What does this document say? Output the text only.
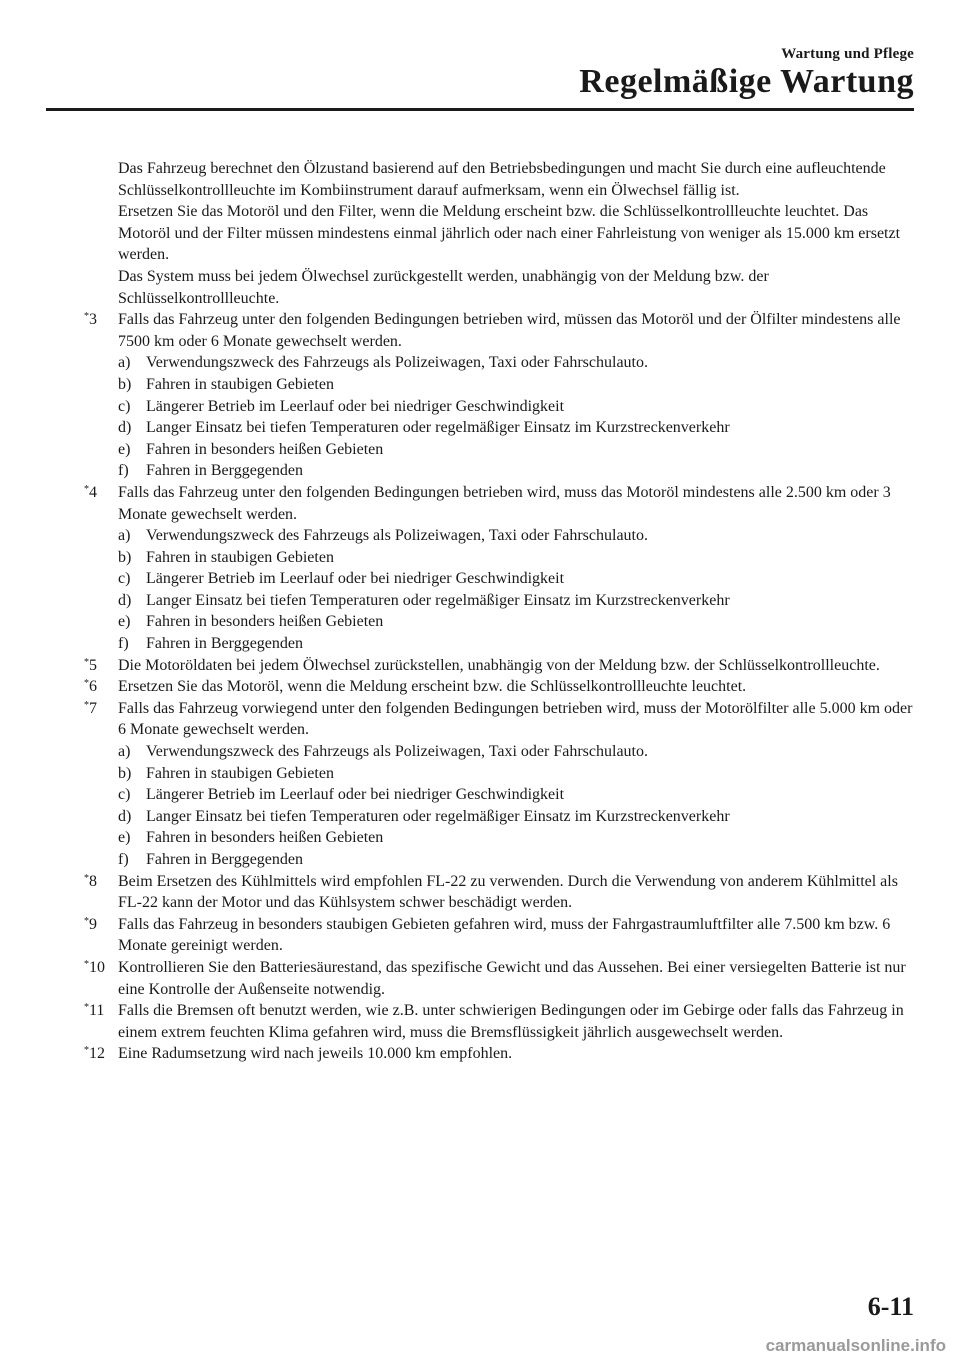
Wartung und Pflege
Regelmäßige Wartung

Das Fahrzeug berechnet den Ölzustand basierend auf den Betriebsbedingungen und macht Sie durch eine aufleuchtende Schlüsselkontrollleuchte im Kombiinstrument darauf aufmerksam, wenn ein Ölwechsel fällig ist.

Ersetzen Sie das Motoröl und den Filter, wenn die Meldung erscheint bzw. die Schlüsselkontrollleuchte leuchtet. Das Motoröl und der Filter müssen mindestens einmal jährlich oder nach einer Fahrleistung von weniger als 15.000 km ersetzt werden.

Das System muss bei jedem Ölwechsel zurückgestellt werden, unabhängig von der Meldung bzw. der Schlüsselkontrollleuchte.

*3 Falls das Fahrzeug unter den folgenden Bedingungen betrieben wird, müssen das Motoröl und der Ölfilter mindestens alle 7500 km oder 6 Monate gewechselt werden.

a) Verwendungszweck des Fahrzeugs als Polizeiwagen, Taxi oder Fahrschulauto.
b) Fahren in staubigen Gebieten
c) Längerer Betrieb im Leerlauf oder bei niedriger Geschwindigkeit
d) Langer Einsatz bei tiefen Temperaturen oder regelmäßiger Einsatz im Kurzstreckenverkehr
e) Fahren in besonders heißen Gebieten
f) Fahren in Berggegenden
*4 Falls das Fahrzeug unter den folgenden Bedingungen betrieben wird, muss das Motoröl mindestens alle 2.500 km oder 3 Monate gewechselt werden.

a) Verwendungszweck des Fahrzeugs als Polizeiwagen, Taxi oder Fahrschulauto.
b) Fahren in staubigen Gebieten
c) Längerer Betrieb im Leerlauf oder bei niedriger Geschwindigkeit
d) Langer Einsatz bei tiefen Temperaturen oder regelmäßiger Einsatz im Kurzstreckenverkehr
e) Fahren in besonders heißen Gebieten
f) Fahren in Berggegenden
*5 Die Motoröldaten bei jedem Ölwechsel zurückstellen, unabhängig von der Meldung bzw. der Schlüsselkontrollleuchte.

*6 Ersetzen Sie das Motoröl, wenn die Meldung erscheint bzw. die Schlüsselkontrollleuchte leuchtet.

*7 Falls das Fahrzeug vorwiegend unter den folgenden Bedingungen betrieben wird, muss der Motorölfilter alle 5.000 km oder 6 Monate gewechselt werden.

a) Verwendungszweck des Fahrzeugs als Polizeiwagen, Taxi oder Fahrschulauto.
b) Fahren in staubigen Gebieten
c) Längerer Betrieb im Leerlauf oder bei niedriger Geschwindigkeit
d) Langer Einsatz bei tiefen Temperaturen oder regelmäßiger Einsatz im Kurzstreckenverkehr
e) Fahren in besonders heißen Gebieten
f) Fahren in Berggegenden
*8 Beim Ersetzen des Kühlmittels wird empfohlen FL-22 zu verwenden. Durch die Verwendung von anderem Kühlmittel als FL-22 kann der Motor und das Kühlsystem schwer beschädigt werden.

*9 Falls das Fahrzeug in besonders staubigen Gebieten gefahren wird, muss der Fahrgastraumluftfilter alle 7.500 km bzw. 6 Monate gereinigt werden.

*10 Kontrollieren Sie den Batteriesäurestand, das spezifische Gewicht und das Aussehen. Bei einer versiegelten Batterie ist nur eine Kontrolle der Außenseite notwendig.

*11 Falls die Bremsen oft benutzt werden, wie z.B. unter schwierigen Bedingungen oder im Gebirge oder falls das Fahrzeug in einem extrem feuchten Klima gefahren wird, muss die Bremsflüssigkeit jährlich ausgewechselt werden.

*12 Eine Radumsetzung wird nach jeweils 10.000 km empfohlen.

6-11
carmanualsonline.info
